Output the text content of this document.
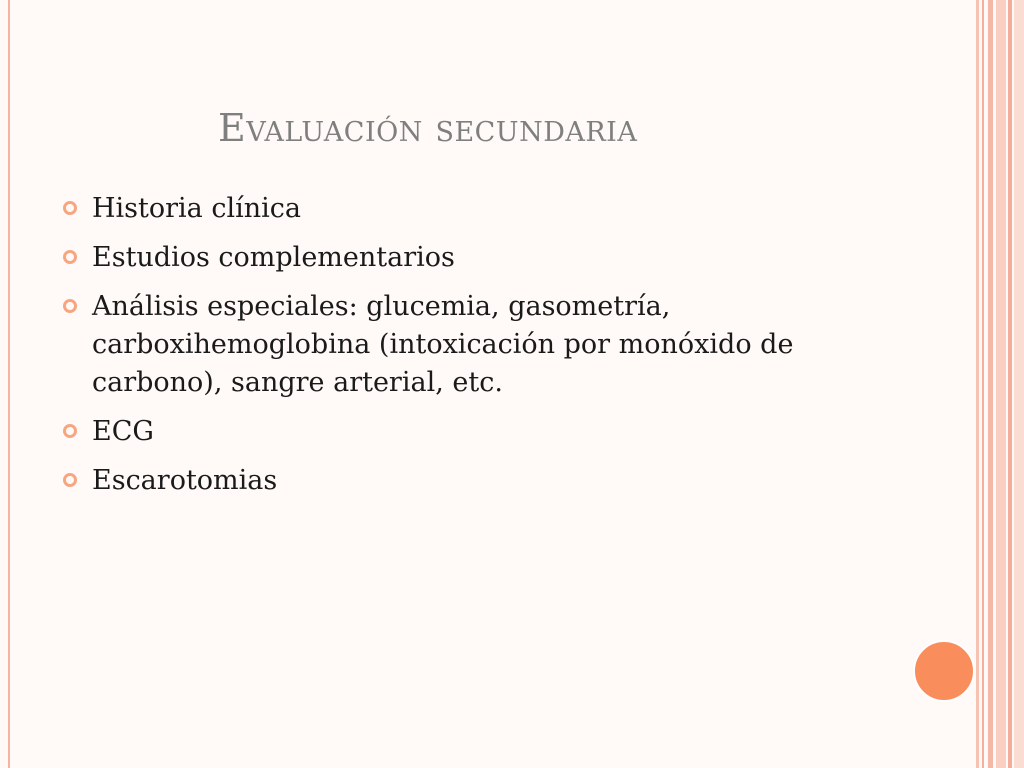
Evaluación secundaria
Historia clínica
Estudios complementarios
Análisis especiales: glucemia, gasometría, carboxihemoglobina (intoxicación por monóxido de carbono), sangre arterial, etc.
ECG
Escarotomias
